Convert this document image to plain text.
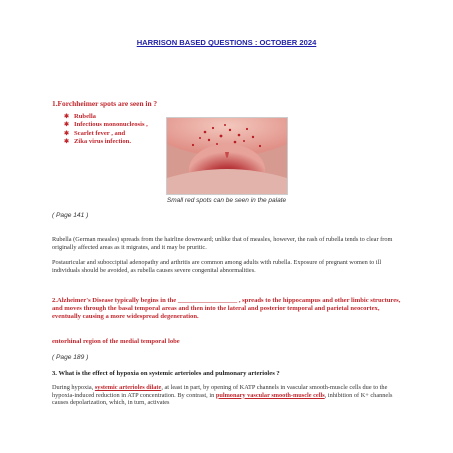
HARRISON BASED QUESTIONS : OCTOBER 2024
1.Forchheimer spots are seen in ?
✱ Rubella
✱ Infectious mononucleosis ,
✱ Scarlet fever , and
✱ Zika virus infection.
Small red spots can be seen in the palate
( Page 141 )
Rubella (German measles) spreads from the hairline downward; unlike that of measles, however, the rash of rubella tends to clear from originally affected areas as it migrates, and it may be pruritic.
Postauricular and suboccipital adenopathy and arthritis are common among adults with rubella. Exposure of pregnant women to ill individuals should be avoided, as rubella causes severe congenital abnormalities.
2.Alzheimer's Disease typically begins in the __________________ , spreads to the hippocampus and other limbic structures, and moves through the basal temporal areas and then into the lateral and posterior temporal and parietal neocortex, eventually causing a more widespread degeneration.
entorhinal region of the medial temporal lobe
( Page 189 )
3. What is the effect of hypoxia on systemic arterioles and pulmonary arterioles ?
During hypoxia, systemic arterioles dilate, at least in part, by opening of KATP channels in vascular smooth-muscle cells due to the hypoxia-induced reduction in ATP concentration. By contrast, in pulmonary vascular smooth-muscle cells, inhibition of K+ channels causes depolarization, which, in turn, activates
